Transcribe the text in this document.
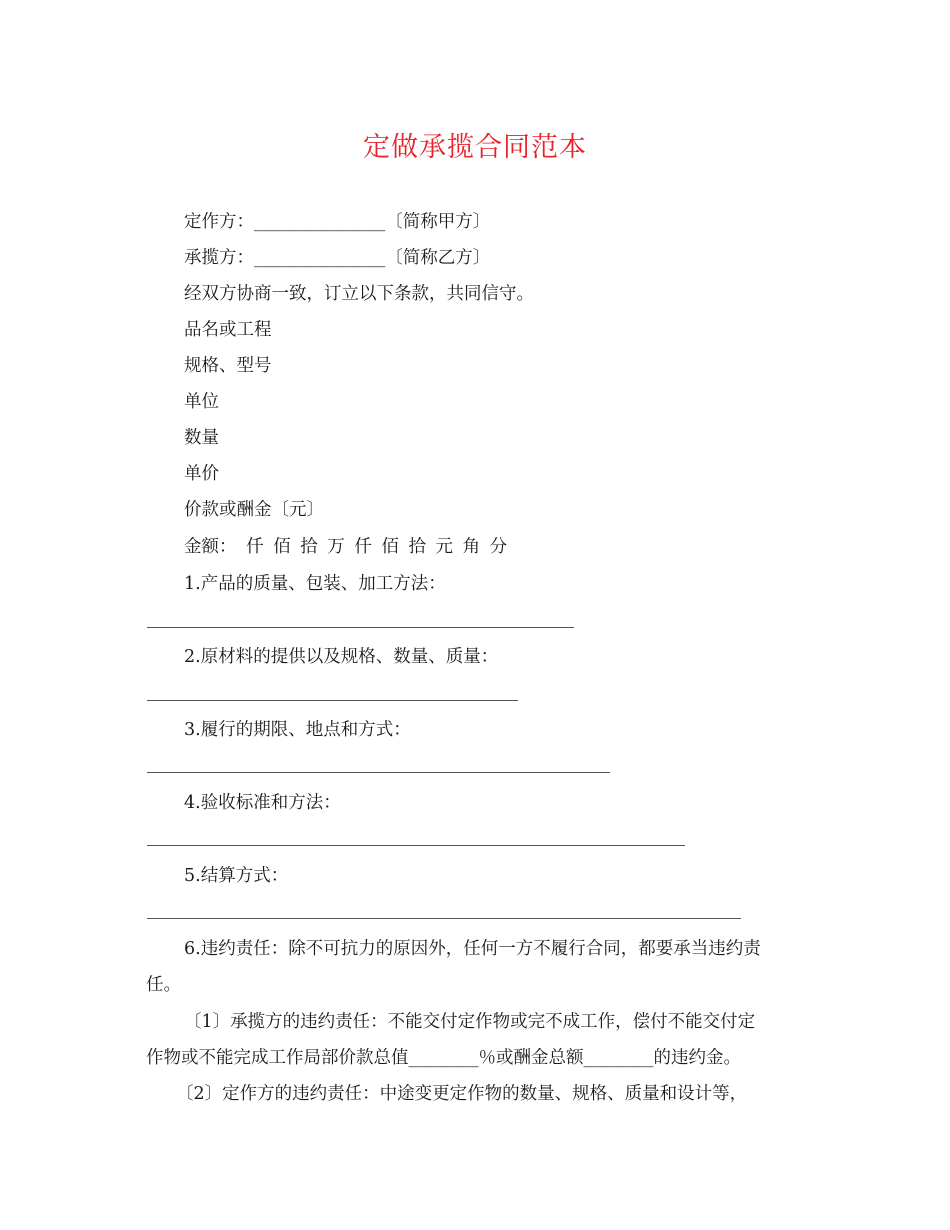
定做承揽合同范本
定作方：_______________〔简称甲方〕
承揽方：_______________〔简称乙方〕
经双方协商一致，订立以下条款，共同信守。
品名或工程
规格、型号
单位
数量
单价
价款或酬金〔元〕
金额： 仟 佰 拾 万 仟 佰 拾 元 角 分
1.产品的质量、包装、加工方法：
2.原材料的提供以及规格、数量、质量：
3.履行的期限、地点和方式：
4.验收标准和方法：
5.结算方式：
6.违约责任：除不可抗力的原因外，任何一方不履行合同，都要承当违约责
任。
〔1〕承揽方的违约责任：不能交付定作物或完不成工作，偿付不能交付定
作物或不能完成工作局部价款总值________％或酬金总额________的违约金。
〔2〕定作方的违约责任：中途变更定作物的数量、规格、质量和设计等，
